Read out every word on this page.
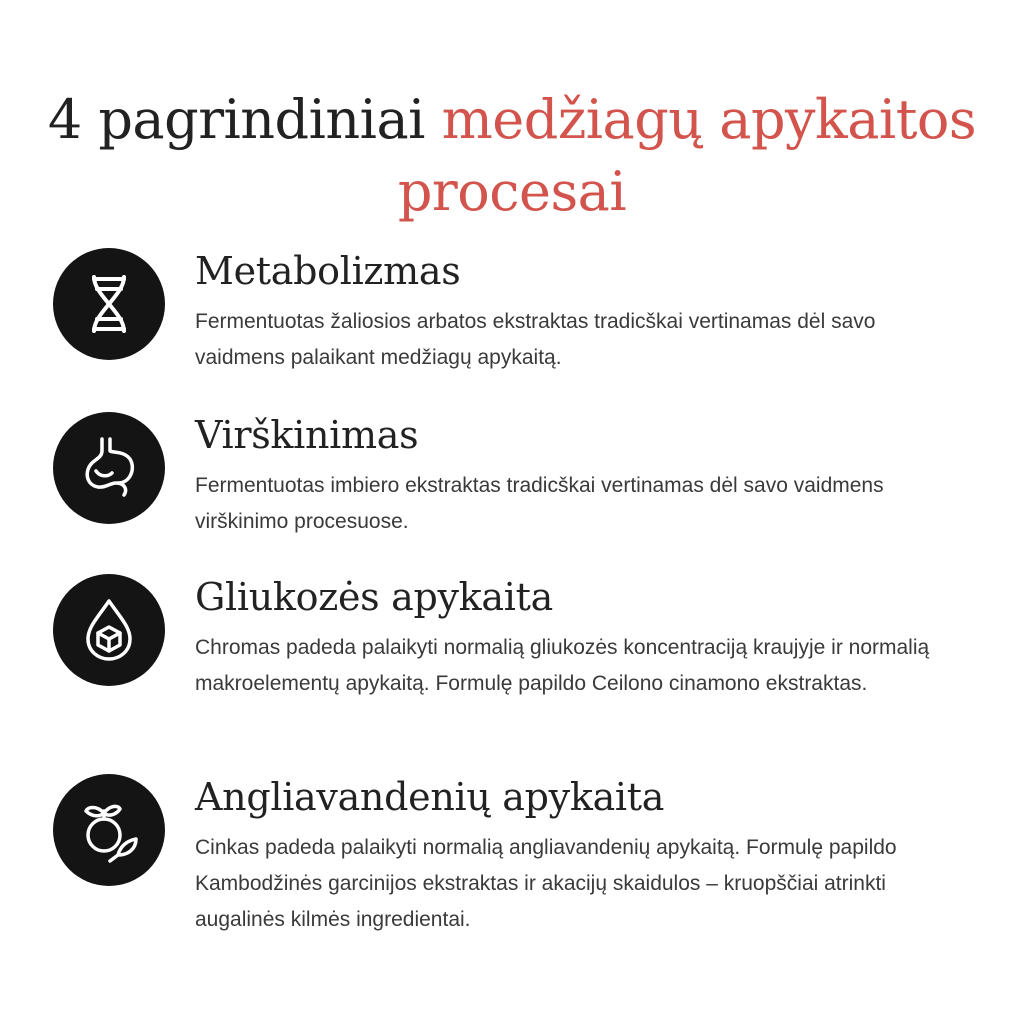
4 pagrindiniai medžiagų apykaitos procesai
Metabolizmas
Fermentuotas žaliosios arbatos ekstraktas tradicškai vertinamas dėl savo vaidmens palaikant medžiagų apykaitą.
Virškinimas
Fermentuotas imbiero ekstraktas tradicškai vertinamas dėl savo vaidmens virškinimo procesuose.
Gliukozės apykaita
Chromas padeda palaikyti normalią gliukozės koncentraciją kraujyje ir normalią makroelementų apykaitą. Formulę papildo Ceilono cinamono ekstraktas.
Angliavandenių apykaita
Cinkas padeda palaikyti normalią angliavandenių apykaitą. Formulę papildo Kambodžinės garcinijos ekstraktas ir akacijų skaidulos – kruopščiai atrinkti augalinės kilmės ingredientai.
